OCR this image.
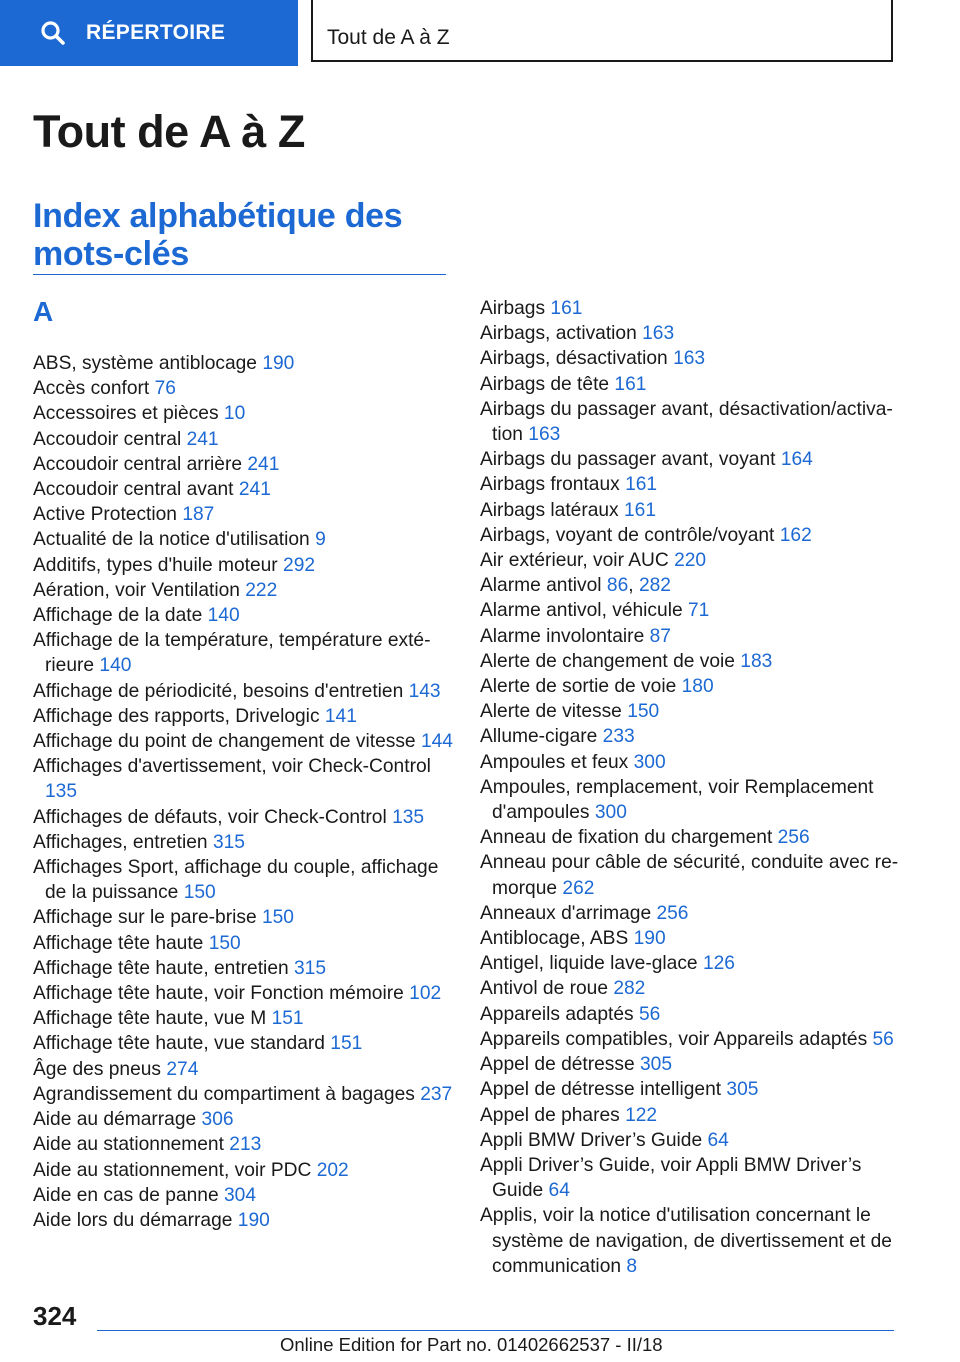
RÉPERTOIRE	Tout de A à Z
Tout de A à Z
Index alphabétique des
mots-clés
A
ABS, système antiblocage 190
Accès confort 76
Accessoires et pièces 10
Accoudoir central 241
Accoudoir central arrière 241
Accoudoir central avant 241
Active Protection 187
Actualité de la notice d'utilisation 9
Additifs, types d'huile moteur 292
Aération, voir Ventilation 222
Affichage de la date 140
Affichage de la température, température extérieure 140
Affichage de périodicité, besoins d'entretien 143
Affichage des rapports, Drivelogic 141
Affichage du point de changement de vitesse 144
Affichages d'avertissement, voir Check-Control 135
Affichages de défauts, voir Check-Control 135
Affichages, entretien 315
Affichages Sport, affichage du couple, affichage de la puissance 150
Affichage sur le pare-brise 150
Affichage tête haute 150
Affichage tête haute, entretien 315
Affichage tête haute, voir Fonction mémoire 102
Affichage tête haute, vue M 151
Affichage tête haute, vue standard 151
Âge des pneus 274
Agrandissement du compartiment à bagages 237
Aide au démarrage 306
Aide au stationnement 213
Aide au stationnement, voir PDC 202
Aide en cas de panne 304
Aide lors du démarrage 190
Airbags 161
Airbags, activation 163
Airbags, désactivation 163
Airbags de tête 161
Airbags du passager avant, désactivation/activation 163
Airbags du passager avant, voyant 164
Airbags frontaux 161
Airbags latéraux 161
Airbags, voyant de contrôle/voyant 162
Air extérieur, voir AUC 220
Alarme antivol 86, 282
Alarme antivol, véhicule 71
Alarme involontaire 87
Alerte de changement de voie 183
Alerte de sortie de voie 180
Alerte de vitesse 150
Allume-cigare 233
Ampoules et feux 300
Ampoules, remplacement, voir Remplacement d'ampoules 300
Anneau de fixation du chargement 256
Anneau pour câble de sécurité, conduite avec remorque 262
Anneaux d'arrimage 256
Antiblocage, ABS 190
Antigel, liquide lave-glace 126
Antivol de roue 282
Appareils adaptés 56
Appareils compatibles, voir Appareils adaptés 56
Appel de détresse 305
Appel de détresse intelligent 305
Appel de phares 122
Appli BMW Driver’s Guide 64
Appli Driver’s Guide, voir Appli BMW Driver’s Guide 64
Applis, voir la notice d'utilisation concernant le système de navigation, de divertissement et de communication 8
324
Online Edition for Part no. 01402662537 - II/18
